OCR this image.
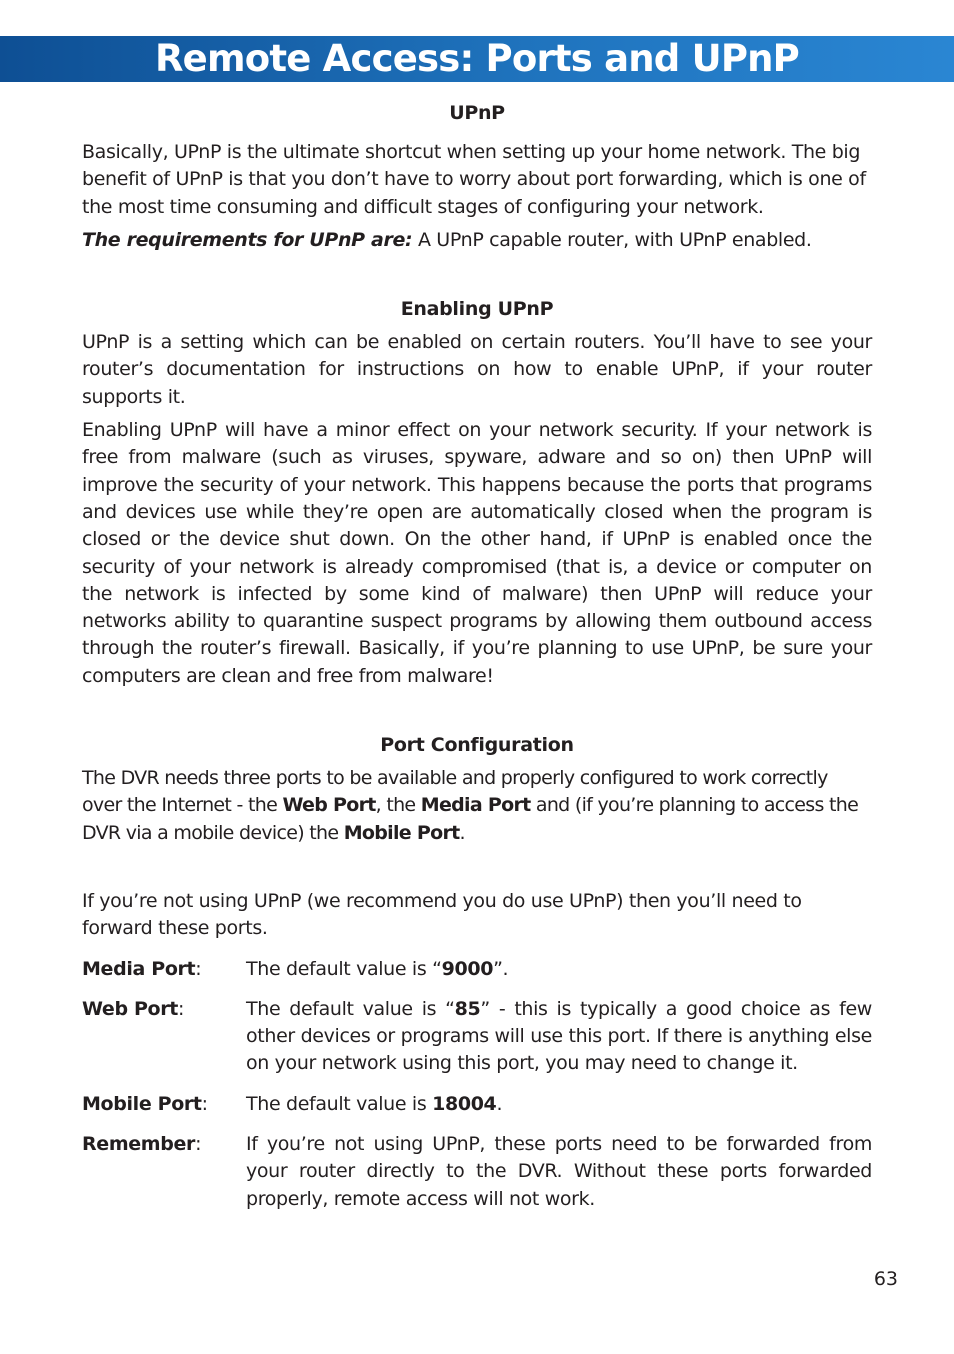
Remote Access: Ports and UPnP
UPnP

Basically, UPnP is the ultimate shortcut when setting up your home network. The big benefit of UPnP is that you don’t have to worry about port forwarding, which is one of the most time consuming and difficult stages of configuring your network.

The requirements for UPnP are: A UPnP capable router, with UPnP enabled.

Enabling UPnP

UPnP is a setting which can be enabled on certain routers. You’ll have to see your router’s documentation for instructions on how to enable UPnP, if your router supports it.

Enabling UPnP will have a minor effect on your network security. If your network is free from malware (such as viruses, spyware, adware and so on) then UPnP will improve the security of your network. This happens because the ports that programs and devices use while they’re open are automatically closed when the program is closed or the device shut down. On the other hand, if UPnP is enabled once the security of your network is already compromised (that is, a device or computer on the network is infected by some kind of malware) then UPnP will reduce your networks ability to quarantine suspect programs by allowing them outbound access through the router’s firewall. Basically, if you’re planning to use UPnP, be sure your computers are clean and free from malware!

Port Configuration

The DVR needs three ports to be available and properly configured to work correctly over the Internet - the Web Port, the Media Port and (if you’re planning to access the DVR via a mobile device) the Mobile Port.

If you’re not using UPnP (we recommend you do use UPnP) then you’ll need to forward these ports.

Media Port:	The default value is “9000”.
Web Port:	The default value is “85” - this is typically a good choice as few other devices or programs will use this port. If there is anything else on your network using this port, you may need to change it.
Mobile Port:	The default value is 18004.
Remember:	If you’re not using UPnP, these ports need to be forwarded from your router directly to the DVR. Without these ports forwarded properly, remote access will not work.
63
